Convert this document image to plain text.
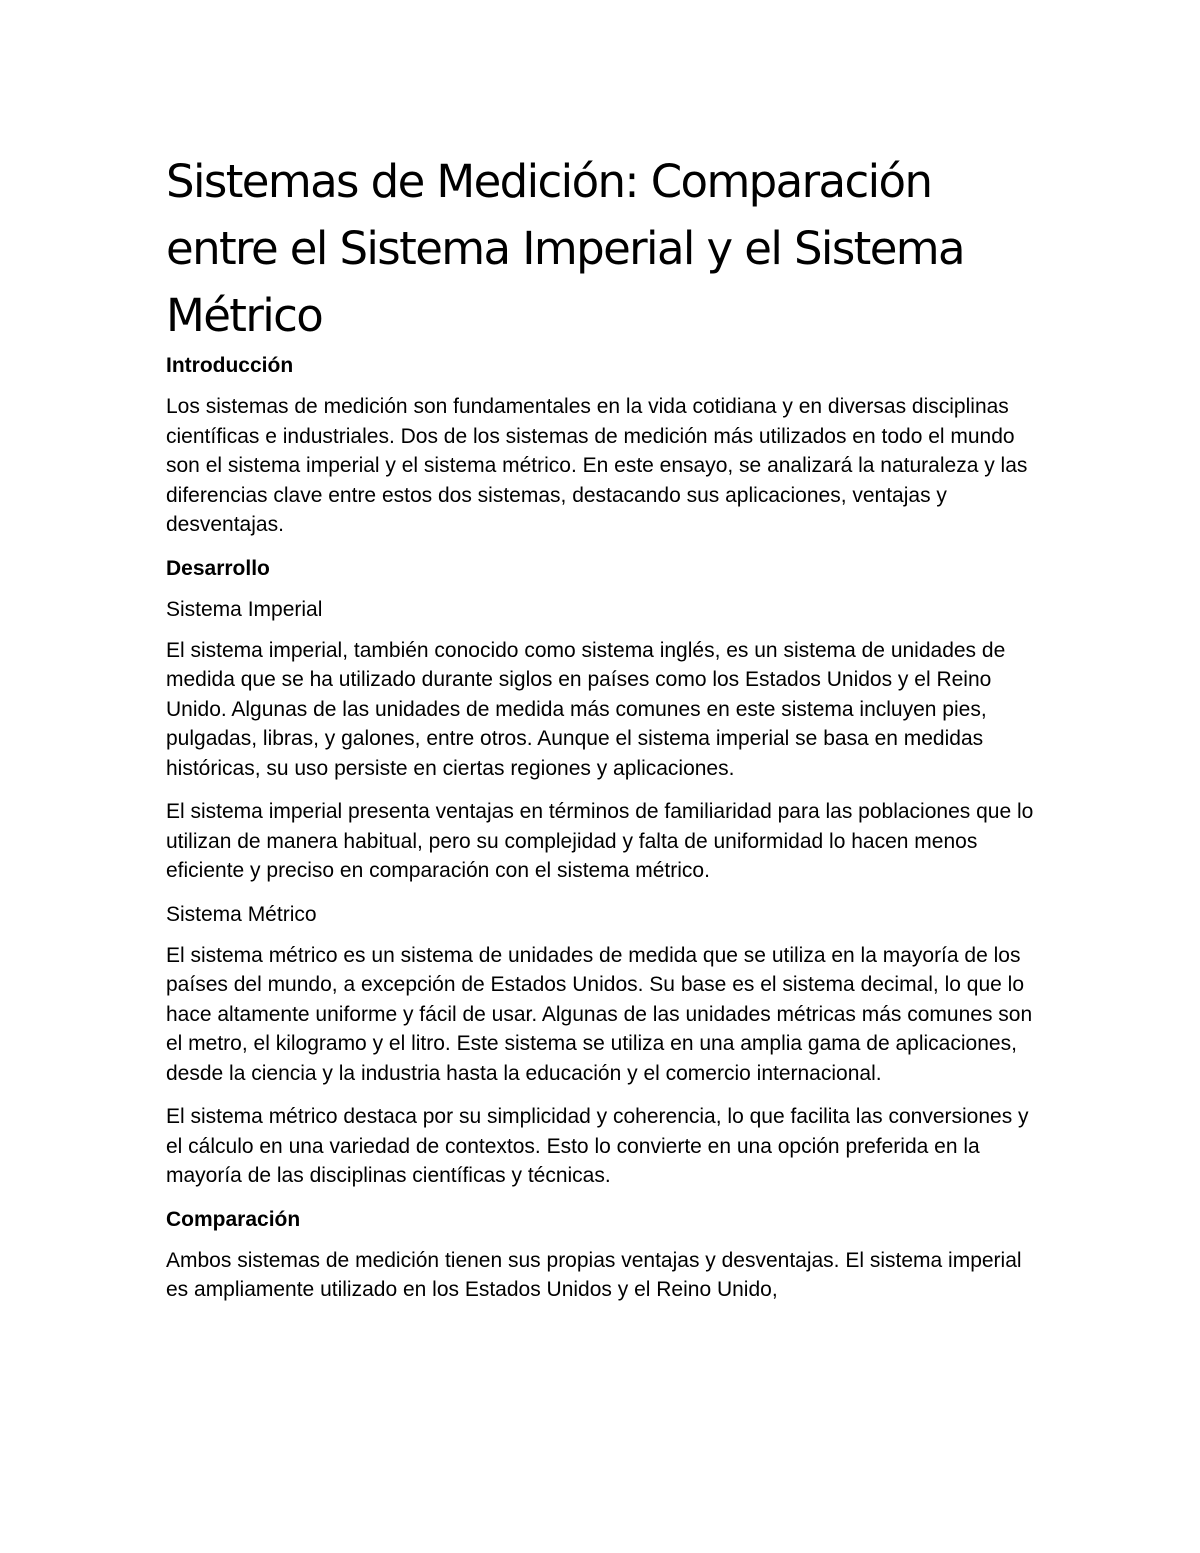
Sistemas de Medición: Comparación entre el Sistema Imperial y el Sistema Métrico
Introducción

Los sistemas de medición son fundamentales en la vida cotidiana y en diversas disciplinas científicas e industriales. Dos de los sistemas de medición más utilizados en todo el mundo son el sistema imperial y el sistema métrico. En este ensayo, se analizará la naturaleza y las diferencias clave entre estos dos sistemas, destacando sus aplicaciones, ventajas y desventajas.

Desarrollo
Sistema Imperial

El sistema imperial, también conocido como sistema inglés, es un sistema de unidades de medida que se ha utilizado durante siglos en países como los Estados Unidos y el Reino Unido. Algunas de las unidades de medida más comunes en este sistema incluyen pies, pulgadas, libras, y galones, entre otros. Aunque el sistema imperial se basa en medidas históricas, su uso persiste en ciertas regiones y aplicaciones.

El sistema imperial presenta ventajas en términos de familiaridad para las poblaciones que lo utilizan de manera habitual, pero su complejidad y falta de uniformidad lo hacen menos eficiente y preciso en comparación con el sistema métrico.

Sistema Métrico

El sistema métrico es un sistema de unidades de medida que se utiliza en la mayoría de los países del mundo, a excepción de Estados Unidos. Su base es el sistema decimal, lo que lo hace altamente uniforme y fácil de usar. Algunas de las unidades métricas más comunes son el metro, el kilogramo y el litro. Este sistema se utiliza en una amplia gama de aplicaciones, desde la ciencia y la industria hasta la educación y el comercio internacional.

El sistema métrico destaca por su simplicidad y coherencia, lo que facilita las conversiones y el cálculo en una variedad de contextos. Esto lo convierte en una opción preferida en la mayoría de las disciplinas científicas y técnicas.

Comparación

Ambos sistemas de medición tienen sus propias ventajas y desventajas. El sistema imperial es ampliamente utilizado en los Estados Unidos y el Reino Unido,
